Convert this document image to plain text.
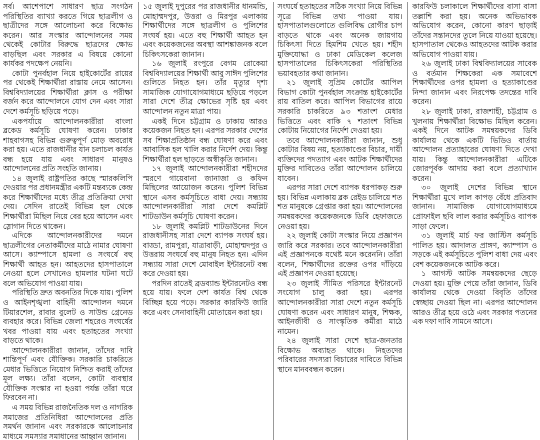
সর্ব। আশেপাশে সাধারণ ছাত্র সংগঠন পরিস্থিতির ব্যাখ্যা করতে গিয়ে ছাত্রলীগ ও ছাত্রীদের সঙ্গে আলোচনা করে বিক্ষোভ করেন। আর সংস্কার আন্দোলনের সময় থেকেই কোটার বিরুদ্ধে ছাত্রদের ক্ষোভ বাড়ছিল এবং সরকার এ বিষয়ে কোনো কার্যকর পদক্ষেপ নেয়নি।

কোটা পুনর্বহাল নিয়ে হাইকোর্টের রায়ের পর থেকেই শিক্ষার্থীরা রাস্তায় নেমে আসেন। বিশ্ববিদ্যালয়ের শিক্ষার্থীরা ক্লাস ও পরীক্ষা বর্জন করে আন্দোলনে যোগ দেন এবং সারা দেশে কর্মসূচি ছড়িয়ে পড়ে।

একপর্যায়ে আন্দোলনকারীরা বাংলা ব্লকেড কর্মসূচি ঘোষণা করেন। ঢাকার শাহবাগসহ বিভিন্ন গুরুত্বপূর্ণ মোড় অবরোধ করা হয়। এতে রাজধানীর যান চলাচল কার্যত বন্ধ হয়ে যায় এবং সাধারণ মানুষও আন্দোলনের প্রতি সংহতি জানায়।

১৪ জুলাই রাষ্ট্রপতির কাছে স্মারকলিপি দেওয়ার পর প্রধানমন্ত্রীর একটি মন্তব্যকে কেন্দ্র করে শিক্ষার্থীদের মধ্যে তীব্র প্রতিক্রিয়া দেখা দেয়। সেদিন রাতেই বিভিন্ন হল থেকে শিক্ষার্থীরা মিছিল নিয়ে বের হয়ে আসেন এবং স্লোগান দিতে থাকেন।

এদিকে আন্দোলনকারীদের দমনে ছাত্রলীগের নেতাকর্মীদের মাঠে নামার ঘোষণা আসে। ক্যাম্পাসে হামলা ও সংঘর্ষে বহু শিক্ষার্থী আহত হন। আহতদের হাসপাতালে নেওয়া হলে সেখানেও হামলার ঘটনা ঘটে বলে অভিযোগ পাওয়া যায়।

পরিস্থিতি দ্রুত অবনতির দিকে যায়। পুলিশ ও আইনশৃঙ্খলা বাহিনী আন্দোলন দমনে টিয়ারশেল, রাবার বুলেট ও সাউন্ড গ্রেনেড ব্যবহার করে। বিভিন্ন জেলা শহরেও সংঘর্ষের খবর পাওয়া যায় এবং হতাহতের সংখ্যা বাড়তে থাকে।

আন্দোলনকারীরা জানান, তাঁদের দাবি শান্তিপূর্ণ এবং যৌক্তিক। সরকারি চাকরিতে মেধার ভিত্তিতে নিয়োগ নিশ্চিত করাই তাঁদের মূল লক্ষ্য। তাঁরা বলেন, কোটা ব্যবস্থার যৌক্তিক সংস্কার না হওয়া পর্যন্ত তাঁরা ঘরে ফিরবেন না।

এ সময় বিভিন্ন রাজনৈতিক দল ও নাগরিক সমাজের প্রতিনিধিরা আন্দোলনের প্রতি সমর্থন জানান এবং সরকারকে আলোচনার মাধ্যমে সমস্যার সমাধানের আহ্বান জানান।

১৫ জুলাই দুপুরের পর রাজধানীর ধানমন্ডি, মোহাম্মদপুর, উত্তরা ও মিরপুর এলাকায় শিক্ষার্থীদের সঙ্গে ছাত্রলীগ ও পুলিশের সংঘর্ষ হয়। এতে বহু শিক্ষার্থী আহত হন এবং কয়েকজনের অবস্থা আশঙ্কাজনক বলে চিকিৎসকেরা জানান।

১৬ জুলাই রংপুরে বেগম রোকেয়া বিশ্ববিদ্যালয়ের শিক্ষার্থী আবু সাঈদ পুলিশের গুলিতে নিহত হন। তাঁর মৃত্যুর দৃশ্য সামাজিক যোগাযোগমাধ্যমে ছড়িয়ে পড়লে সারা দেশে তীব্র ক্ষোভের সৃষ্টি হয় এবং আন্দোলন নতুন মাত্রা পায়।

একই দিনে চট্টগ্রাম ও ঢাকায় আরও কয়েকজন নিহত হন। এরপর সরকার দেশের সব শিক্ষাপ্রতিষ্ঠান বন্ধ ঘোষণা করে এবং আবাসিক হল খালি করার নির্দেশ দেয়। কিন্তু শিক্ষার্থীরা হল ছাড়তে অস্বীকৃতি জানান।

১৭ জুলাই আন্দোলনকারীরা শহীদদের স্মরণে গায়েবানা জানাজা ও কফিন মিছিলের আয়োজন করেন। পুলিশ বিভিন্ন স্থানে এসব কর্মসূচিতে বাধা দেয়। সন্ধ্যায় আন্দোলনকারীরা সারা দেশে কমপ্লিট শাটডাউন কর্মসূচি ঘোষণা করেন।

১৮ জুলাই কমপ্লিট শাটডাউনের দিনে রাজধানীসহ সারা দেশে ব্যাপক সংঘর্ষ হয়। বাড্ডা, রামপুরা, যাত্রাবাড়ী, মোহাম্মদপুর ও উত্তরায় সংঘর্ষে বহু মানুষ নিহত হন। এদিন সন্ধ্যায় সারা দেশে মোবাইল ইন্টারনেট বন্ধ করে দেওয়া হয়।

পরদিন রাতেই ব্রডব্যান্ড ইন্টারনেটও বন্ধ হয়ে যায়। ফলে দেশ কার্যত বিশ্ব থেকে বিচ্ছিন্ন হয়ে পড়ে। সরকার কারফিউ জারি করে এবং সেনাবাহিনী মোতায়েন করা হয়।

সংঘর্ষে হতাহতের সঠিক সংখ্যা নিয়ে বিভিন্ন সূত্রে বিভিন্ন তথ্য পাওয়া যায়। হাসপাতালগুলোতে গুলিবিদ্ধ রোগীর চাপ বাড়তে থাকে এবং অনেক জায়গায় চিকিৎসা দিতে হিমশিম খেতে হয়। শহীদ মুক্তিযোদ্ধা ও ঢাকা মেডিকেল কলেজ হাসপাতালের চিকিৎসকেরা পরিস্থিতির ভয়াবহতার কথা জানান।

২১ জুলাই সুপ্রিম কোর্টের আপিল বিভাগ কোটা পুনর্বহাল সংক্রান্ত হাইকোর্টের রায় বাতিল করে। আপিল বিভাগের রায়ে সরকারি চাকরিতে ৯৩ শতাংশ মেধার ভিত্তিতে এবং বাকি ৭ শতাংশ বিভিন্ন কোটায় নিয়োগের নির্দেশ দেওয়া হয়।

তবে আন্দোলনকারীরা জানান, শুধু কোটার বিষয় নয়, হত্যাকাণ্ডের বিচার, দায়ী ব্যক্তিদের পদত্যাগ এবং আটক শিক্ষার্থীদের মুক্তির দাবিতেও তাঁরা আন্দোলন চালিয়ে যাবেন।

এরপর সারা দেশে ব্যাপক ধরপাকড় শুরু হয়। বিভিন্ন এলাকায় ব্লক রেইড চালিয়ে শত শত মানুষকে গ্রেপ্তার করা হয়। আন্দোলনের সমন্বয়কদের কয়েকজনকে ডিবি হেফাজতে নেওয়া হয়।

২২ জুলাই কোটা সংস্কার নিয়ে প্রজ্ঞাপন জারি করে সরকার। তবে আন্দোলনকারীরা এই প্রজ্ঞাপনকে যথেষ্ট মনে করেননি। তাঁরা বলেন, শিক্ষার্থীদের রক্তের ওপর দাঁড়িয়ে এই প্রজ্ঞাপন দেওয়া হয়েছে।

২৩ জুলাই সীমিত পরিসরে ইন্টারনেট সংযোগ চালু করা হয়। এরপর আন্দোলনকারীরা সারা দেশে নতুন কর্মসূচি ঘোষণা করেন এবং সাধারণ মানুষ, শিক্ষক, আইনজীবী ও সাংস্কৃতিক কর্মীরা মাঠে নামেন।

২৪ জুলাই সারা দেশে ছাত্র-জনতার বিক্ষোভ অব্যাহত থাকে। নিহতদের পরিবারের সদস্যরা বিচারের দাবিতে বিভিন্ন স্থানে মানববন্ধন করেন।

কারফিউ চলাকালে শিক্ষার্থীদের বাসা বাসা তল্লাশি করা হয়। অনেক অভিভাবক অভিযোগ করেন, কোনো কারণ ছাড়াই তাঁদের সন্তানদের তুলে নিয়ে যাওয়া হয়েছে। হাসপাতাল থেকেও আহতদের আটক করার অভিযোগ পাওয়া যায়।

২৬ জুলাই ঢাকা বিশ্ববিদ্যালয়ের সাবেক ও বর্তমান শিক্ষকেরা এক সমাবেশে শিক্ষার্থীদের ওপর হামলা ও হত্যাকাণ্ডের নিন্দা জানান এবং নিরপেক্ষ তদন্তের দাবি করেন।

২৮ জুলাই ঢাকা, রাজশাহী, চট্টগ্রাম ও খুলনায় শিক্ষার্থীরা বিক্ষোভ মিছিল করেন। একই দিনে আটক সমন্বয়কদের ডিবি কার্যালয় থেকে একটি ভিডিও বার্তায় আন্দোলন প্রত্যাহারের ঘোষণা দিতে দেখা যায়। কিন্তু আন্দোলনকারীরা এটিকে জোরপূর্বক আদায় করা বলে প্রত্যাখ্যান করেন।

৩০ জুলাই দেশের বিভিন্ন স্থানে শিক্ষার্থীরা মুখে লাল কাপড় বেঁধে প্রতিবাদ জানান। সামাজিক যোগাযোগমাধ্যমে প্রোফাইল ছবি লাল করার কর্মসূচিও ব্যাপক সাড়া ফেলে।

৩১ জুলাই মার্চ ফর জাস্টিস কর্মসূচি পালিত হয়। আদালত প্রাঙ্গণ, ক্যাম্পাস ও সড়কে এই কর্মসূচিতে পুলিশ বাধা দেয় এবং বেশ কয়েকজনকে আটক করে।

১ আগস্ট আটক সমন্বয়কদের ছেড়ে দেওয়া হয়। মুক্তি পেয়ে তাঁরা জানান, ডিবি কার্যালয় থেকে দেওয়া বিবৃতি তাঁদের স্বেচ্ছায় দেওয়া ছিল না। এরপর আন্দোলন আরও তীব্র হয়ে ওঠে এবং সরকার পতনের এক দফা দাবি সামনে আসে।
